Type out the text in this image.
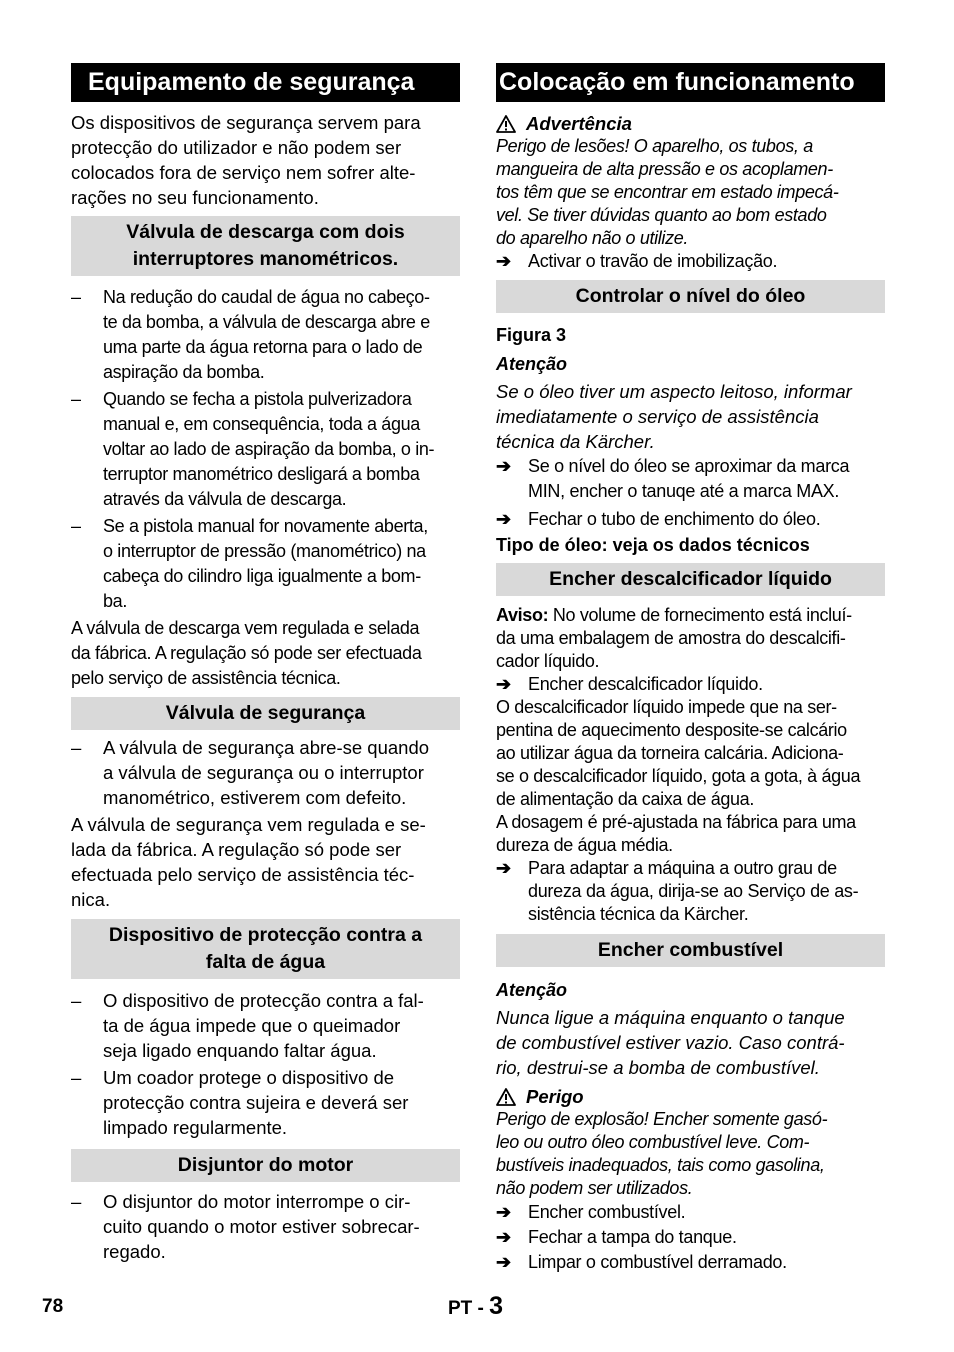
Equipamento de segurança
Os dispositivos de segurança servem para
protecção do utilizador e não podem ser
colocados fora de serviço nem sofrer alte-
rações no seu funcionamento.
Válvula de descarga com dois
interruptores manométricos.
–	Na redução do caudal de água no cabeço-
te da bomba, a válvula de descarga abre e
uma parte da água retorna para o lado de
aspiração da bomba.
–	Quando se fecha a pistola pulverizadora
manual e, em consequência, toda a água
voltar ao lado de aspiração da bomba, o in-
terruptor manométrico desligará a bomba
através da válvula de descarga.
–	Se a pistola manual for novamente aberta,
o interruptor de pressão (manométrico) na
cabeça do cilindro liga igualmente a bom-
ba.
A válvula de descarga vem regulada e selada
da fábrica. A regulação só pode ser efectuada
pelo serviço de assistência técnica.
Válvula de segurança
–	A válvula de segurança abre-se quando
a válvula de segurança ou o interruptor
manométrico, estiverem com defeito.
A válvula de segurança vem regulada e se-
lada da fábrica. A regulação só pode ser
efectuada pelo serviço de assistência téc-
nica.
Dispositivo de protecção contra a
falta de água
–	O dispositivo de protecção contra a fal-
ta de água impede que o queimador
seja ligado enquando faltar água.
–	Um coador protege o dispositivo de
protecção contra sujeira e deverá ser
limpado regularmente.
Disjuntor do motor
–	O disjuntor do motor interrompe o cir-
cuito quando o motor estiver sobrecar-
regado.
Colocação em funcionamento
Advertência
Perigo de lesões! O aparelho, os tubos, a
mangueira de alta pressão e os acoplamen-
tos têm que se encontrar em estado impecá-
vel. Se tiver dúvidas quanto ao bom estado
do aparelho não o utilize.
➔ Activar o travão de imobilização.
Controlar o nível do óleo
Figura 3
Atenção
Se o óleo tiver um aspecto leitoso, informar
imediatamente o serviço de assistência
técnica da Kärcher.
➔ Se o nível do óleo se aproximar da marca
MIN, encher o tanuqe até a marca MAX.
➔ Fechar o tubo de enchimento do óleo.
Tipo de óleo: veja os dados técnicos
Encher descalcificador líquido
Aviso: No volume de fornecimento está incluí-
da uma embalagem de amostra do descalcifi-
cador líquido.
➔ Encher descalcificador líquido.
O descalcificador líquido impede que na ser-
pentina de aquecimento desposite-se calcário
ao utilizar água da torneira calcária. Adiciona-
se o descalcificador líquido, gota a gota, à água
de alimentação da caixa de água.
A dosagem é pré-ajustada na fábrica para uma
dureza de água média.
➔ Para adaptar a máquina a outro grau de
dureza da água, dirija-se ao Serviço de as-
sistência técnica da Kärcher.
Encher combustível
Atenção
Nunca ligue a máquina enquanto o tanque
de combustível estiver vazio. Caso contrá-
rio, destrui-se a bomba de combustível.
Perigo
Perigo de explosão! Encher somente gasó-
leo ou outro óleo combustível leve. Com-
bustíveis inadequados, tais como gasolina,
não podem ser utilizados.
➔ Encher combustível.
➔ Fechar a tampa do tanque.
➔ Limpar o combustível derramado.
78	PT - 3
